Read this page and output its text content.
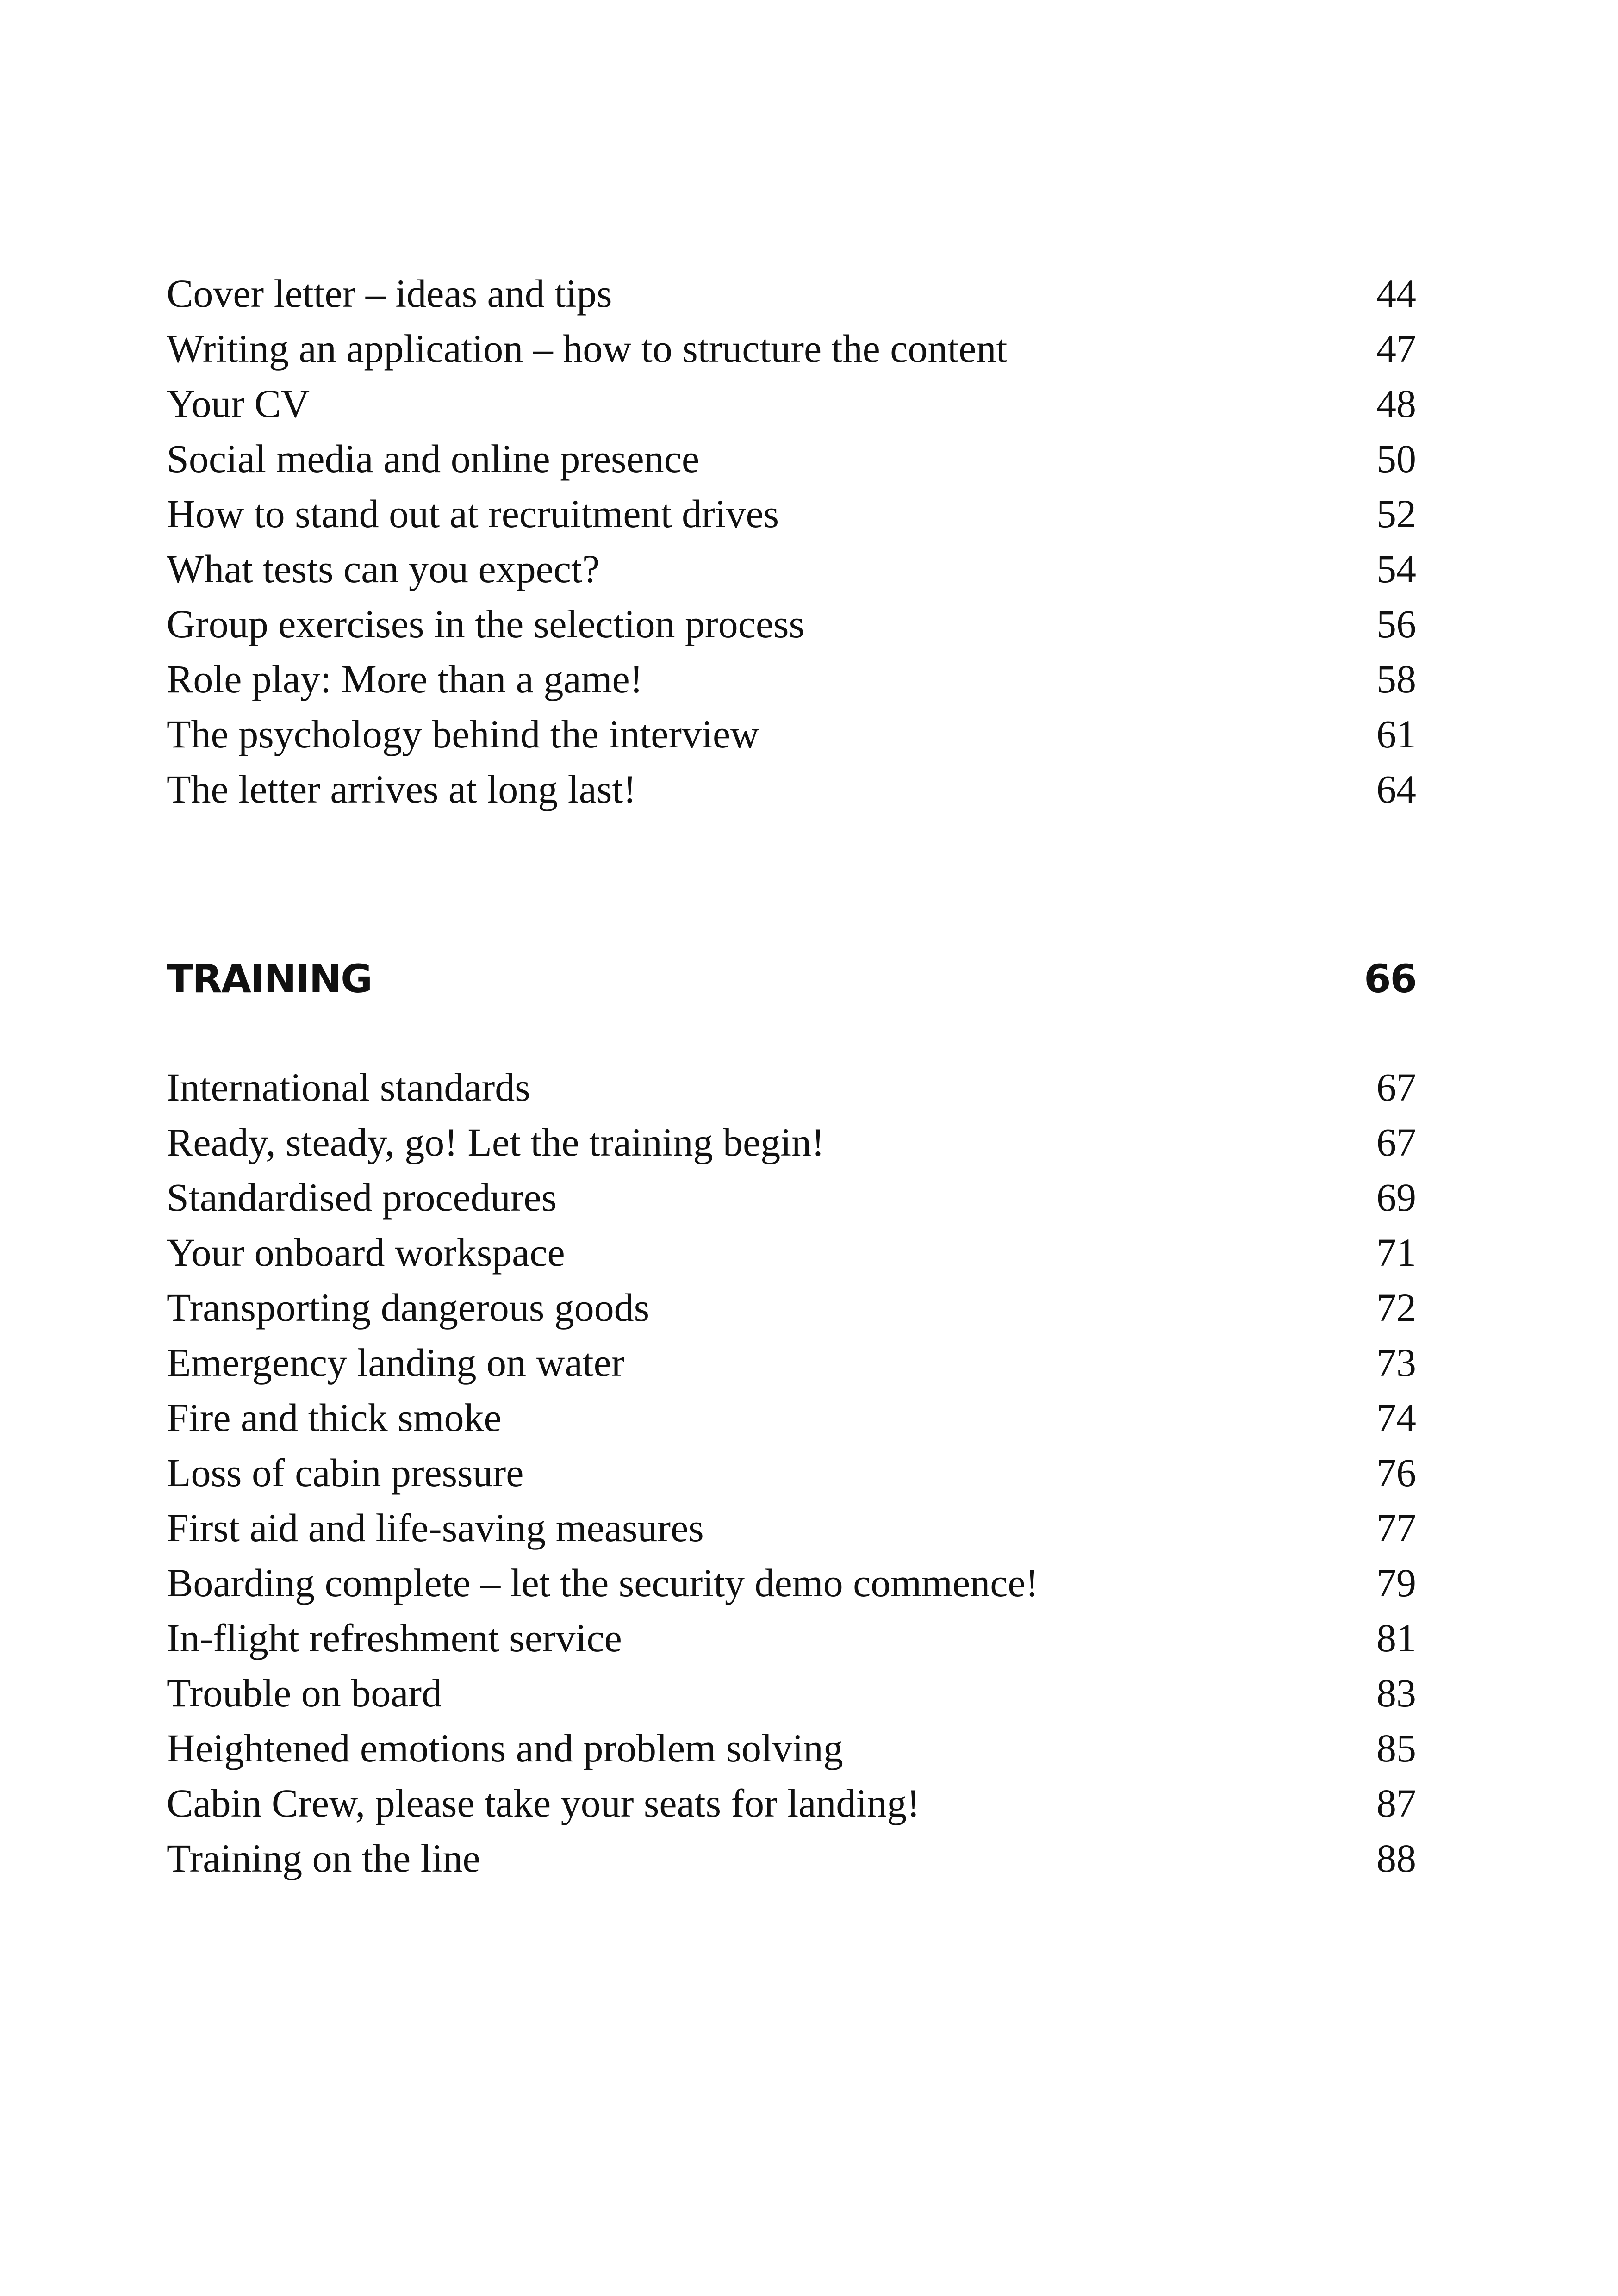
Cover letter – ideas and tips	44
Writing an application – how to structure the content	47
Your CV	48
Social media and online presence	50
How to stand out at recruitment drives	52
What tests can you expect?	54
Group exercises in the selection process	56
Role play: More than a game!	58
The psychology behind the interview	61
The letter arrives at long last!	64
TRAINING	66
International standards	67
Ready, steady, go! Let the training begin!	67
Standardised procedures	69
Your onboard workspace	71
Transporting dangerous goods	72
Emergency landing on water	73
Fire and thick smoke	74
Loss of cabin pressure	76
First aid and life-saving measures	77
Boarding complete – let the security demo commence!	79
In-flight refreshment service	81
Trouble on board	83
Heightened emotions and problem solving	85
Cabin Crew, please take your seats for landing!	87
Training on the line	88
